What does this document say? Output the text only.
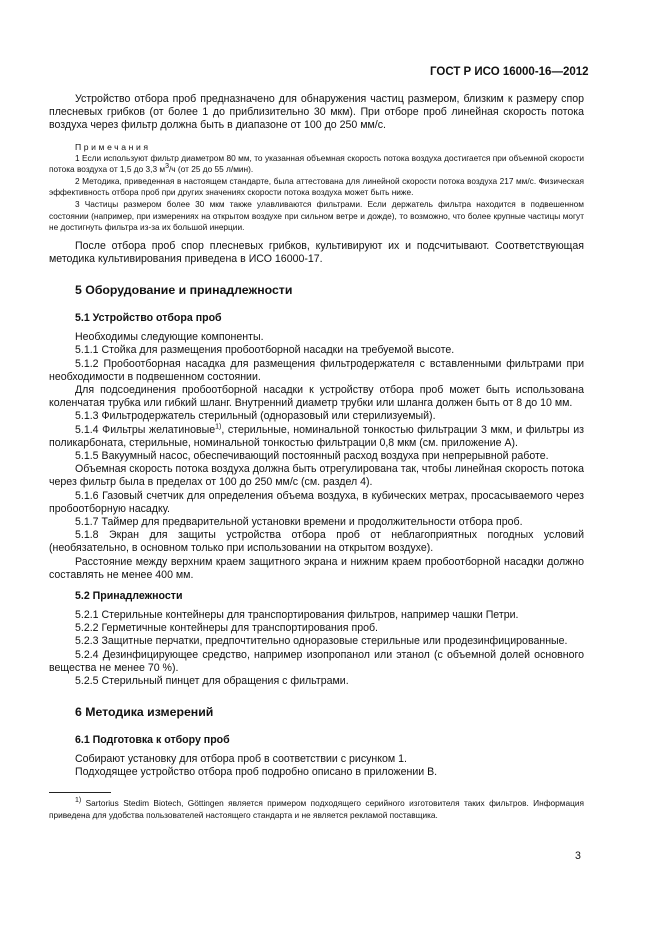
ГОСТ Р ИСО 16000-16—2012

Устройство отбора проб предназначено для обнаружения частиц размером, близким к размеру спор плесневых грибков (от более 1 до приблизительно 30 мкм). При отборе проб линейная скорость потока воздуха через фильтр должна быть в диапазоне от 100 до 250 мм/с.

Примечания

1 Если используют фильтр диаметром 80 мм, то указанная объемная скорость потока воздуха достигается при объемной скорости потока воздуха от 1,5 до 3,3 $м^3/ч$ (от 25 до 55 л/мин).

2 Методика, приведенная в настоящем стандарте, была аттестована для линейной скорости потока воздуха 217 мм/с. Физическая эффективность отбора проб при других значениях скорости потока воздуха может быть ниже.

3 Частицы размером более 30 мкм также улавливаются фильтрами. Если держатель фильтра находится в подвешенном состоянии (например, при измерениях на открытом воздухе при сильном ветре и дожде), то возможно, что более крупные частицы могут не достигнуть фильтра из-за их большой инерции.

После отбора проб спор плесневых грибков, культивируют их и подсчитывают. Соответствующая методика культивирования приведена в ИСО 16000-17.

5 Оборудование и принадлежности
5.1 Устройство отбора проб

Необходимы следующие компоненты.

5.1.1 Стойка для размещения пробоотборной насадки на требуемой высоте.

5.1.2 Пробоотборная насадка для размещения фильтродержателя с вставленными фильтрами при необходимости в подвешенном состоянии.

Для подсоединения пробоотборной насадки к устройству отбора проб может быть использована коленчатая трубка или гибкий шланг. Внутренний диаметр трубки или шланга должен быть от 8 до 10 мм.

5.1.3 Фильтродержатель стерильный (одноразовый или стерилизуемый).

5.1.4 Фильтры желатиновые$^{1)}$, стерильные, номинальной тонкостью фильтрации 3 мкм, и фильтры из поликарбоната, стерильные, номинальной тонкостью фильтрации 0,8 мкм (см. приложение А).

5.1.5 Вакуумный насос, обеспечивающий постоянный расход воздуха при непрерывной работе.

Объемная скорость потока воздуха должна быть отрегулирована так, чтобы линейная скорость потока через фильтр была в пределах от 100 до 250 мм/с (см. раздел 4).

5.1.6 Газовый счетчик для определения объема воздуха, в кубических метрах, просасываемого через пробоотборную насадку.

5.1.7 Таймер для предварительной установки времени и продолжительности отбора проб.

5.1.8 Экран для защиты устройства отбора проб от неблагоприятных погодных условий (необязательно, в основном только при использовании на открытом воздухе).

Расстояние между верхним краем защитного экрана и нижним краем пробоотборной насадки должно составлять не менее 400 мм.

5.2 Принадлежности

5.2.1 Стерильные контейнеры для транспортирования фильтров, например чашки Петри.

5.2.2 Герметичные контейнеры для транспортирования проб.

5.2.3 Защитные перчатки, предпочтительно одноразовые стерильные или продезинфицированные.

5.2.4 Дезинфицирующее средство, например изопропанол или этанол (с объемной долей основного вещества не менее 70 %).

5.2.5 Стерильный пинцет для обращения с фильтрами.

6 Методика измерений
6.1 Подготовка к отбору проб

Собирают установку для отбора проб в соответствии с рисунком 1.

Подходящее устройство отбора проб подробно описано в приложении В.

$^{1)}$ Sartorius Stedim Biotech, Göttingen является примером подходящего серийного изготовителя таких фильтров. Информация приведена для удобства пользователей настоящего стандарта и не является рекламой поставщика.

3
